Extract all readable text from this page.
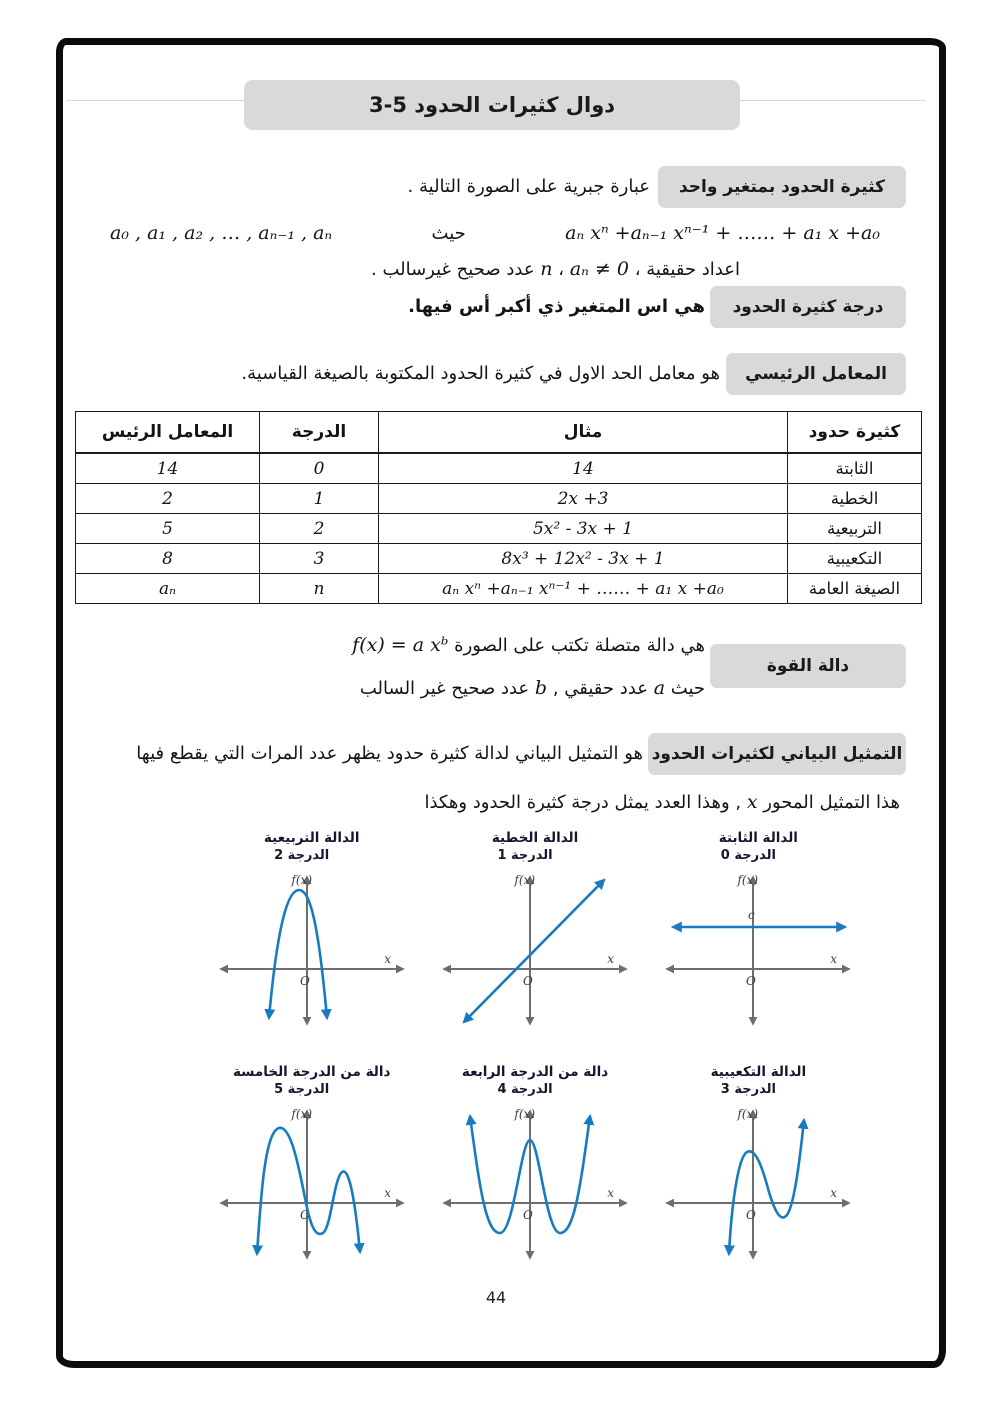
دوال كثيرات الحدود 5-3
كثيرة الحدود بمتغير واحد
عبارة جبرية على الصورة التالية .
a₀ , a₁ , a₂ , … , aₙ₋₁ , aₙ	حيث	aₙ xⁿ +aₙ₋₁ xⁿ⁻¹ + …… + a₁ x +a₀
اعداد حقيقية ، aₙ ≠ 0 ، n عدد صحيح غيرسالب .
درجة كثيرة الحدود
هي اس المتغير ذي أكبر أس فيها.
المعامل الرئيسي
هو معامل الحد الاول في كثيرة الحدود المكتوبة بالصيغة القياسية.
كثيرة حدود	مثال	الدرجة	المعامل الرئيس
الثابتة	14	0	14
الخطية	2x +3	1	2
التربيعية	5x² - 3x + 1	2	5
التكعيبية	8x³ + 12x² - 3x + 1	3	8
الصيغة العامة	aₙ xⁿ +aₙ₋₁ xⁿ⁻¹ + …… + a₁ x +a₀	n	aₙ
دالة القوة
هي دالة متصلة تكتب على الصورة f(x) = a xᵇ
حيث a عدد حقيقي , b عدد صحيح غير السالب
التمثيل البياني لكثيرات الحدود
هو التمثيل البياني لدالة كثيرة حدود يظهر عدد المرات التي يقطع فيها
هذا التمثيل المحور x , وهذا العدد يمثل درجة كثيرة الحدود وهكذا
الدالة الثابتة
الدرجة 0
f(x)
x
O
c
الدالة الخطية
الدرجة 1
f(x)
x
O
الدالة التربيعية
الدرجة 2
f(x)
x
O
الدالة التكعيبية
الدرجة 3
f(x)
x
O
دالة من الدرجة الرابعة
الدرجة 4
f(x)
x
O
دالة من الدرجة الخامسة
الدرجة 5
f(x)
x
O
44
